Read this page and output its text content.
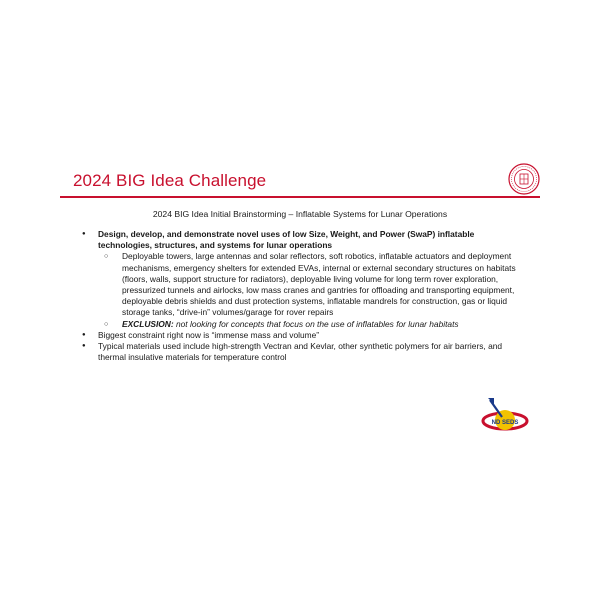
2024 BIG Idea Challenge
2024 BIG Idea Initial Brainstorming – Inflatable Systems for Lunar Operations
● Design, develop, and demonstrate novel uses of low Size, Weight, and Power (SwaP) inflatable technologies, structures, and systems for lunar operations
○ Deployable towers, large antennas and solar reflectors, soft robotics, inflatable actuators and deployment mechanisms, emergency shelters for extended EVAs, internal or external secondary structures on habitats (floors, walls, support structure for radiators), deployable living volume for long term rover exploration, pressurized tunnels and airlocks, low mass cranes and gantries for offloading and transporting equipment, deployable debris shields and dust protection systems, inflatable mandrels for construction, gas or liquid storage tanks, “drive-in” volumes/garage for rover repairs
○ EXCLUSION: not looking for concepts that focus on the use of inflatables for lunar habitats
● Biggest constraint right now is “immense mass and volume”
● Typical materials used include high-strength Vectran and Kevlar, other synthetic polymers for air barriers, and thermal insulative materials for temperature control
ND SEDS
